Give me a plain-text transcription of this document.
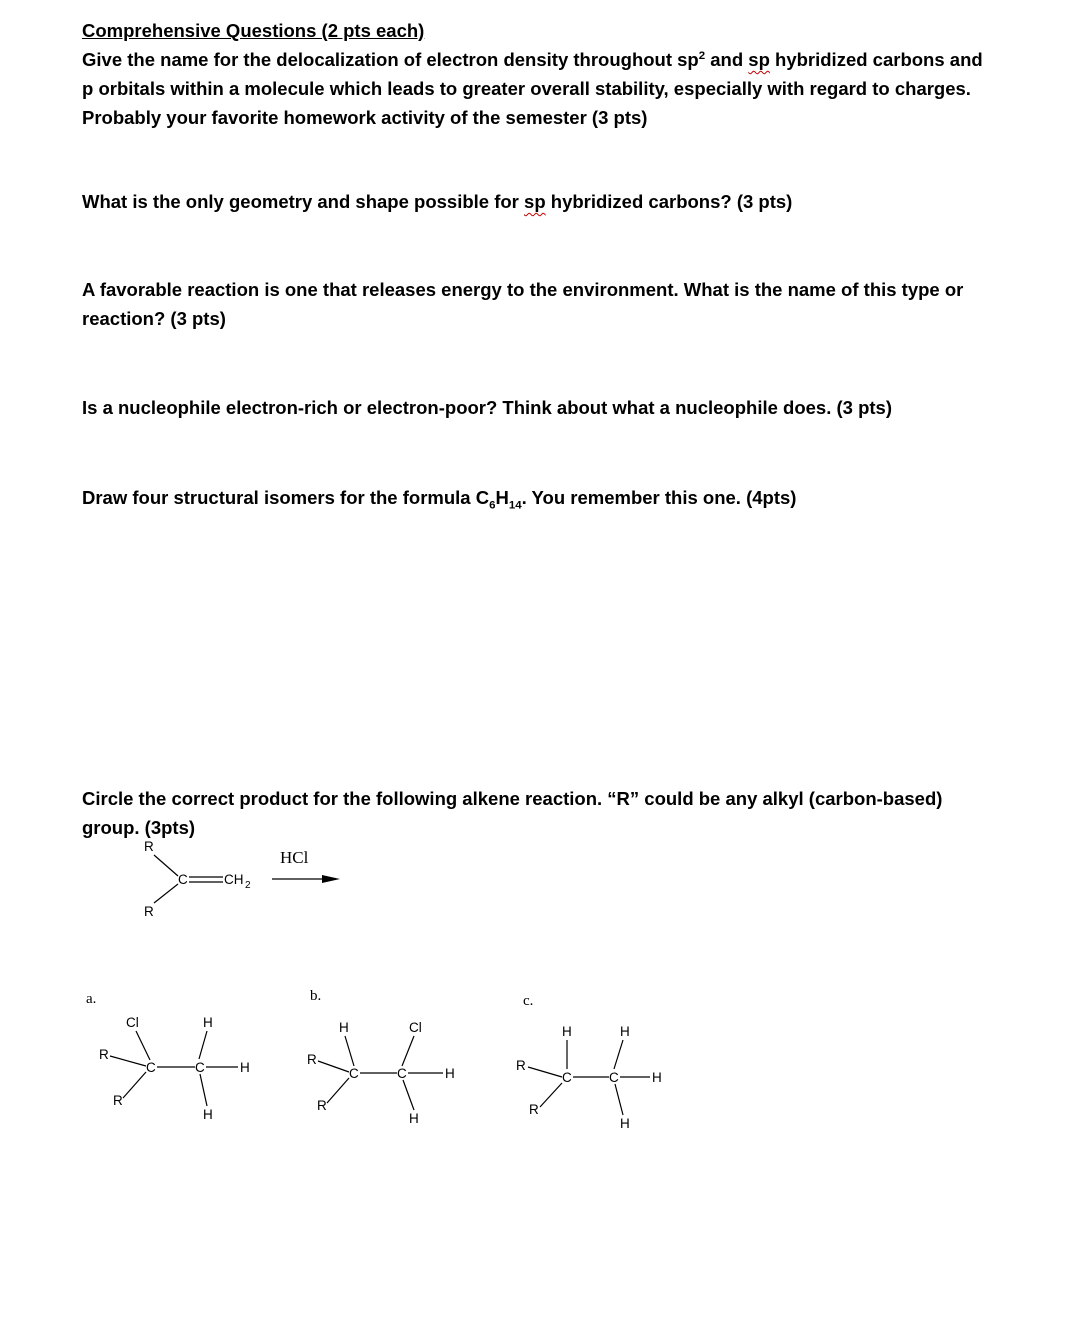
Comprehensive Questions (2 pts each)
Give the name for the delocalization of electron density throughout $sp^2$ and sp hybridized carbons and
p orbitals within a molecule which leads to greater overall stability, especially with regard to charges.
Probably your favorite homework activity of the semester (3 pts)
What is the only geometry and shape possible for sp hybridized carbons? (3 pts)
A favorable reaction is one that releases energy to the environment. What is the name of this type or
reaction? (3 pts)
Is a nucleophile electron-rich or electron-poor? Think about what a nucleophile does. (3 pts)
Draw four structural isomers for the formula $C_6H_{14}$. You remember this one. (4pts)
Circle the correct product for the following alkene reaction. “R” could be any alkyl (carbon-based)
group. (3pts)
R
R
C	CH 2
HCl
a.
Cl	H
R
R
C	C	H
H
b.
H	Cl
R
R
C	C	H
H
c.
H	H
R
R
C	C H
H
